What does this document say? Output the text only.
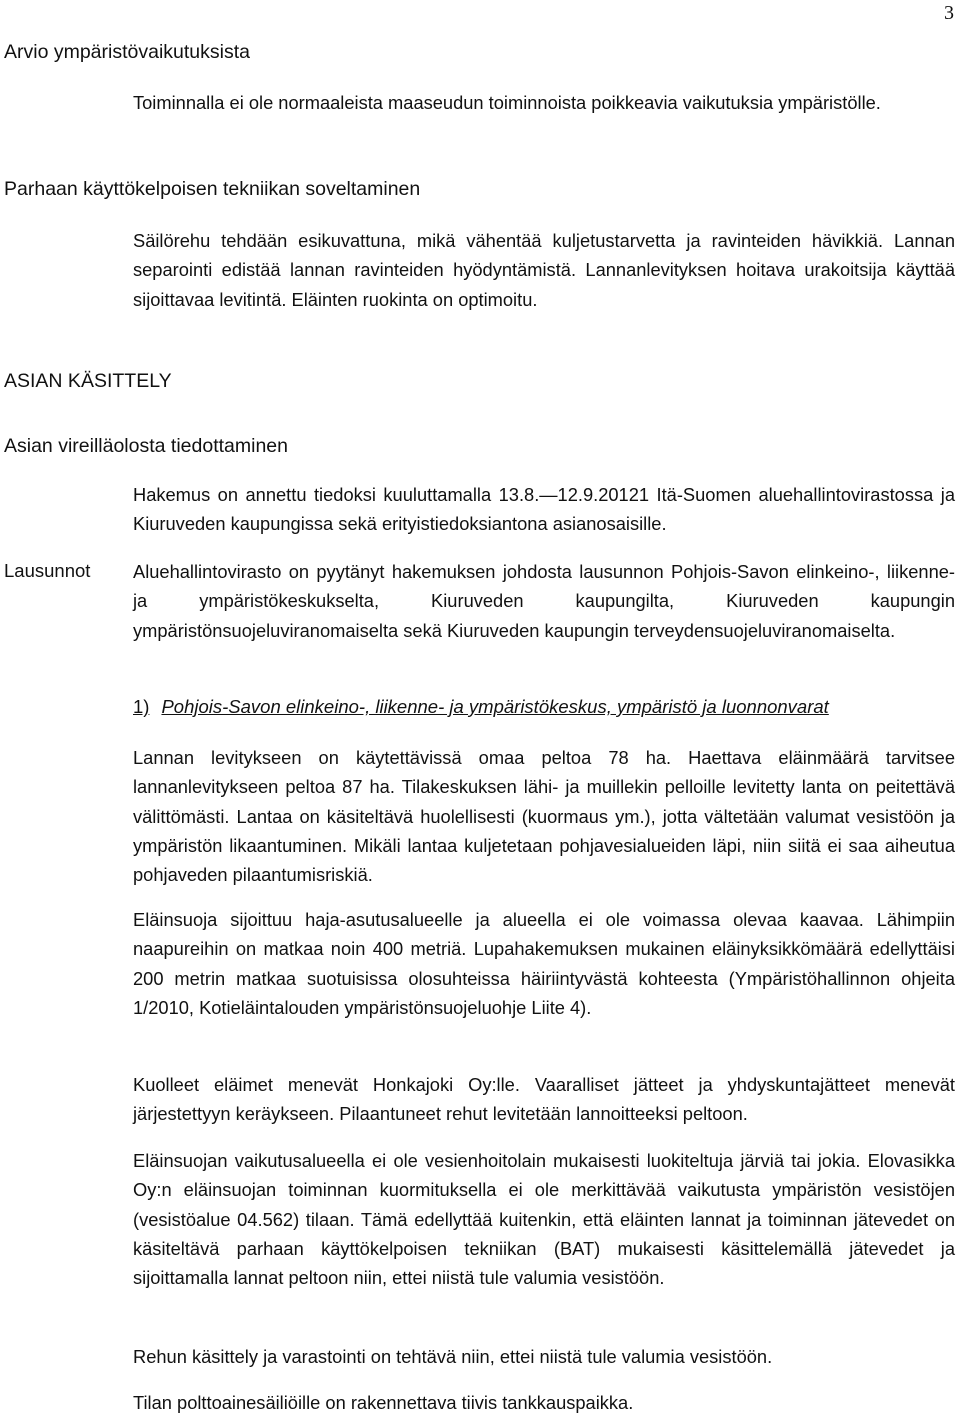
3
Arvio ympäristövaikutuksista

Toiminnalla ei ole normaaleista maaseudun toiminnoista poikkeavia vaikutuksia ympäristölle.

Parhaan käyttökelpoisen tekniikan soveltaminen

Säilörehu tehdään esikuvattuna, mikä vähentää kuljetustarvetta ja ravinteiden hävikkiä. Lannan separointi edistää lannan ravinteiden hyödyntämistä. Lannanlevityksen hoitava urakoitsija käyttää sijoittavaa levitintä. Eläinten ruokinta on optimoitu.

ASIAN KÄSITTELY
Asian vireilläolosta tiedottaminen

Hakemus on annettu tiedoksi kuuluttamalla 13.8.—12.9.20121 Itä-Suomen aluehallintovirastossa ja Kiuruveden kaupungissa sekä erityistiedoksiantona asianosaisille.

Lausunnot Aluehallintovirasto on pyytänyt hakemuksen johdosta lausunnon Pohjois-Savon elinkeino-, liikenne- ja ympäristökeskukselta, Kiuruveden kaupungilta, Kiuruveden kaupungin ympäristönsuojeluviranomaiselta sekä Kiuruveden kaupungin terveydensuojeluviranomaiselta.

1) Pohjois-Savon elinkeino-, liikenne- ja ympäristökeskus, ympäristö ja luonnonvarat

Lannan levitykseen on käytettävissä omaa peltoa 78 ha. Haettava eläinmäärä tarvitsee lannanlevitykseen peltoa 87 ha. Tilakeskuksen lähi- ja muillekin pelloille levitetty lanta on peitettävä välittömästi. Lantaa on käsiteltävä huolellisesti (kuormaus ym.), jotta vältetään valumat vesistöön ja ympäristön likaantuminen. Mikäli lantaa kuljetetaan pohjavesialueiden läpi, niin siitä ei saa aiheutua pohjaveden pilaantumisriskiä.

Eläinsuoja sijoittuu haja-asutusalueelle ja alueella ei ole voimassa olevaa kaavaa. Lähimpiin naapureihin on matkaa noin 400 metriä. Lupahakemuksen mukainen eläinyksikkömäärä edellyttäisi 200 metrin matkaa suotuisissa olosuhteissa häiriintyvästä kohteesta (Ympäristöhallinnon ohjeita 1/2010, Kotieläintalouden ympäristönsuojeluohje Liite 4).

Kuolleet eläimet menevät Honkajoki Oy:lle. Vaaralliset jätteet ja yhdyskuntajätteet menevät järjestettyyn keräykseen. Pilaantuneet rehut levitetään lannoitteeksi peltoon.

Eläinsuojan vaikutusalueella ei ole vesienhoitolain mukaisesti luokiteltuja järviä tai jokia. Elovasikka Oy:n eläinsuojan toiminnan kuormituksella ei ole merkittävää vaikutusta ympäristön vesistöjen (vesistöalue 04.562) tilaan. Tämä edellyttää kuitenkin, että eläinten lannat ja toiminnan jätevedet on käsiteltävä parhaan käyttökelpoisen tekniikan (BAT) mukaisesti käsittelemällä jätevedet ja sijoittamalla lannat peltoon niin, ettei niistä tule valumia vesistöön.

Rehun käsittely ja varastointi on tehtävä niin, ettei niistä tule valumia vesistöön.

Tilan polttoainesäiliöille on rakennettava tiivis tankkauspaikka.
